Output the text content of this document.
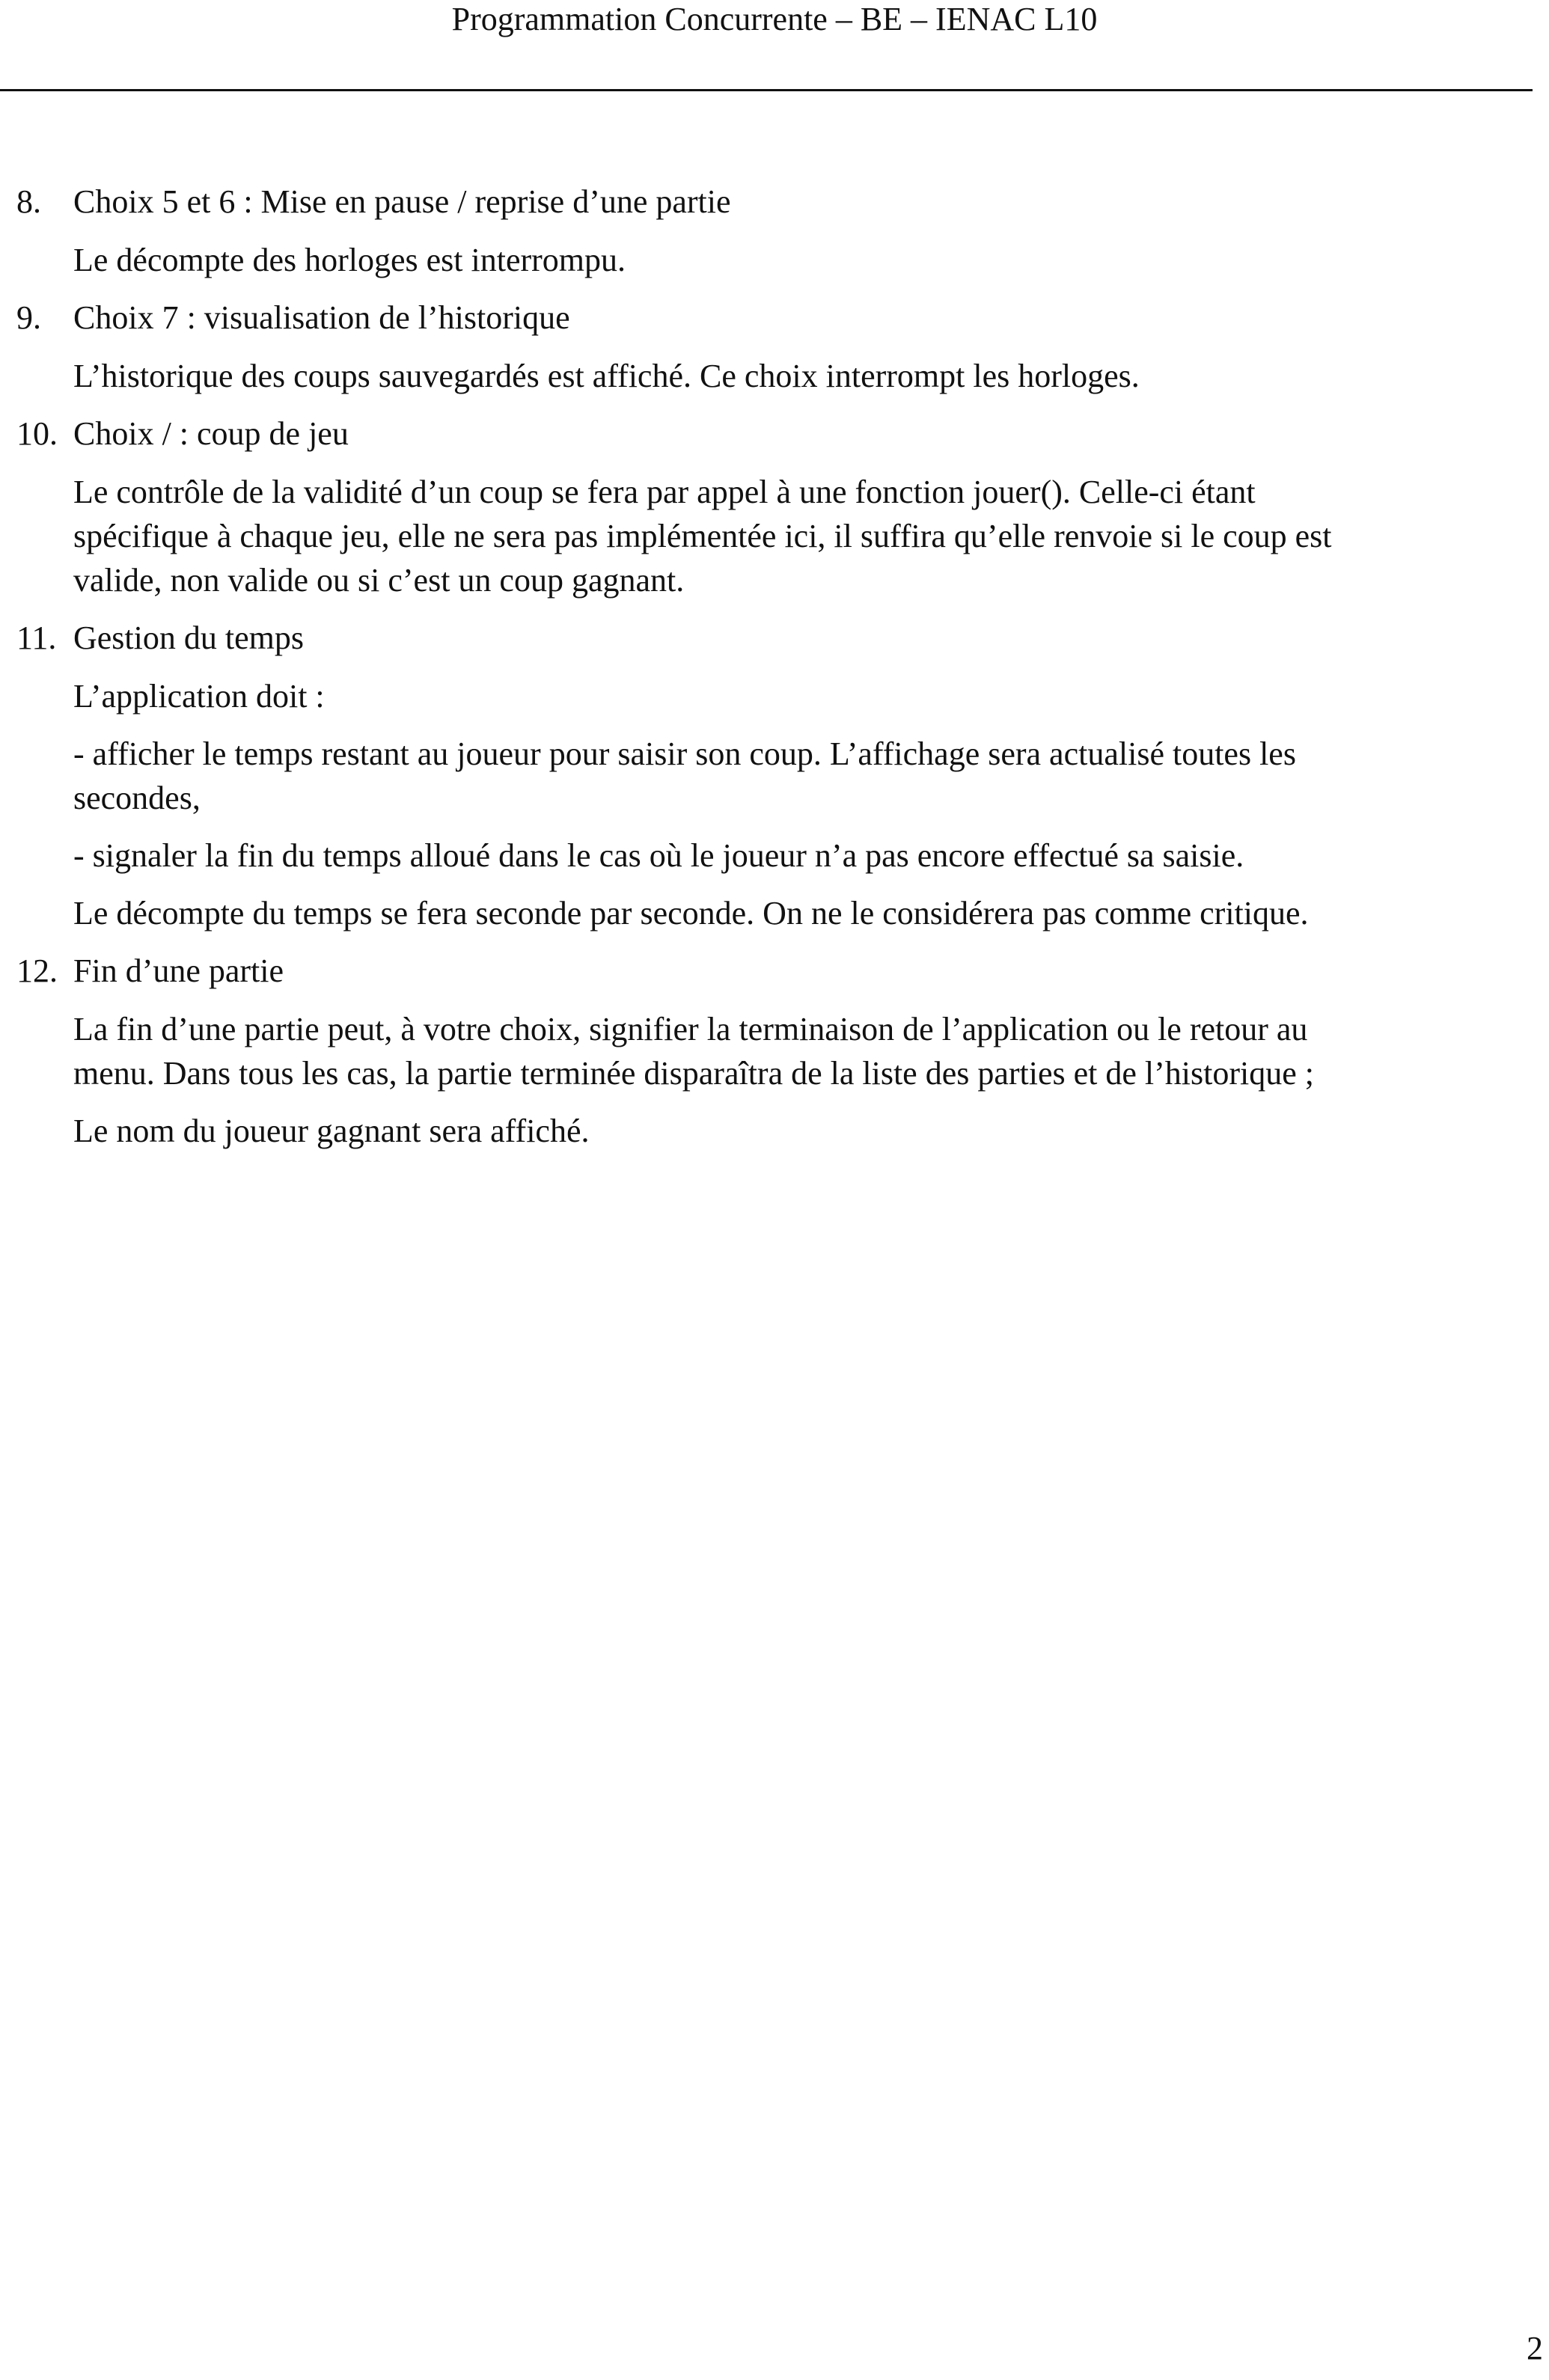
Programmation Concurrente – BE – IENAC L10
8. Choix 5 et 6 : Mise en pause / reprise d’une partie

Le décompte des horloges est interrompu.

9. Choix 7 : visualisation de l’historique

L’historique des coups sauvegardés est affiché. Ce choix interrompt les horloges.

10. Choix / : coup de jeu

Le contrôle de la validité d’un coup se fera par appel à une fonction jouer(). Celle-ci étant
spécifique à chaque jeu, elle ne sera pas implémentée ici, il suffira qu’elle renvoie si le coup est
valide, non valide ou si c’est un coup gagnant.

11. Gestion du temps

L’application doit :

- afficher le temps restant au joueur pour saisir son coup. L’affichage sera actualisé toutes les
secondes,

- signaler la fin du temps alloué dans le cas où le joueur n’a pas encore effectué sa saisie.

Le décompte du temps se fera seconde par seconde. On ne le considérera pas comme critique.

12. Fin d’une partie

La fin d’une partie peut, à votre choix, signifier la terminaison de l’application ou le retour au
menu. Dans tous les cas, la partie terminée disparaîtra de la liste des parties et de l’historique ;

Le nom du joueur gagnant sera affiché.

2
